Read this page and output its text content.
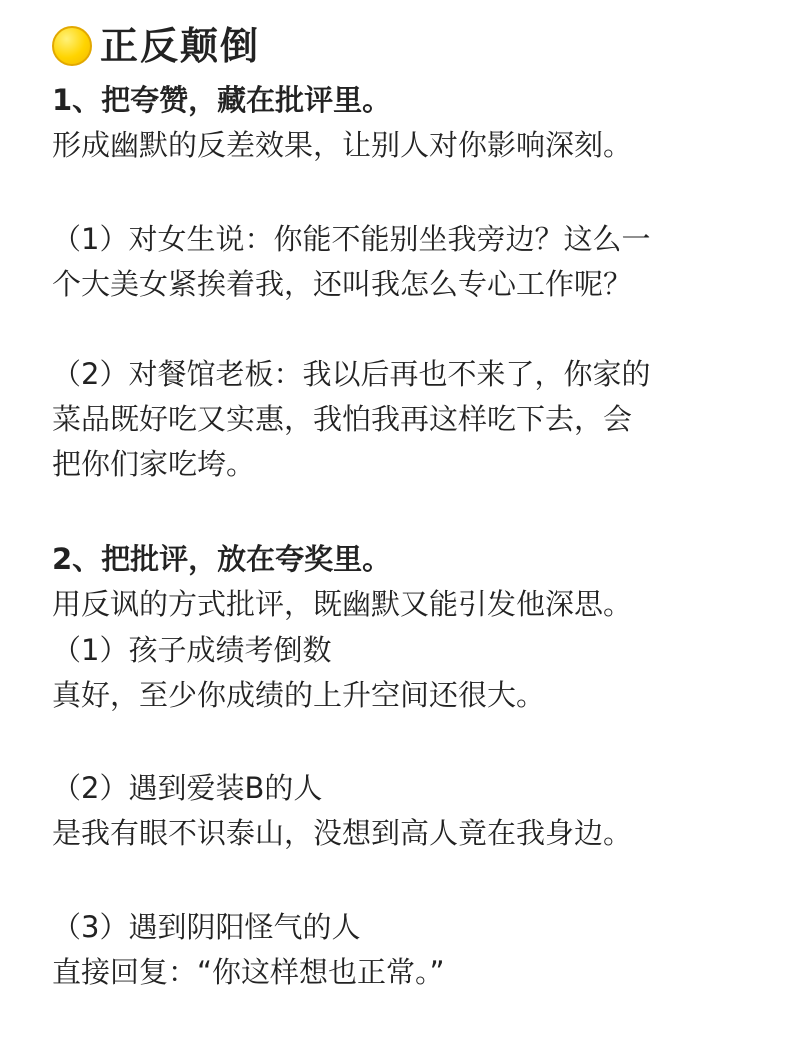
正反颠倒
1、把夸赞，藏在批评里。
形成幽默的反差效果，让别人对你影响深刻。
（1）对女生说：你能不能别坐我旁边？这么一
个大美女紧挨着我，还叫我怎么专心工作呢？
（2）对餐馆老板：我以后再也不来了，你家的
菜品既好吃又实惠，我怕我再这样吃下去，会
把你们家吃垮。
2、把批评，放在夸奖里。
用反讽的方式批评，既幽默又能引发他深思。
（1）孩子成绩考倒数
真好，至少你成绩的上升空间还很大。
（2）遇到爱装B的人
是我有眼不识泰山，没想到高人竟在我身边。
（3）遇到阴阳怪气的人
直接回复：“你这样想也正常。”
